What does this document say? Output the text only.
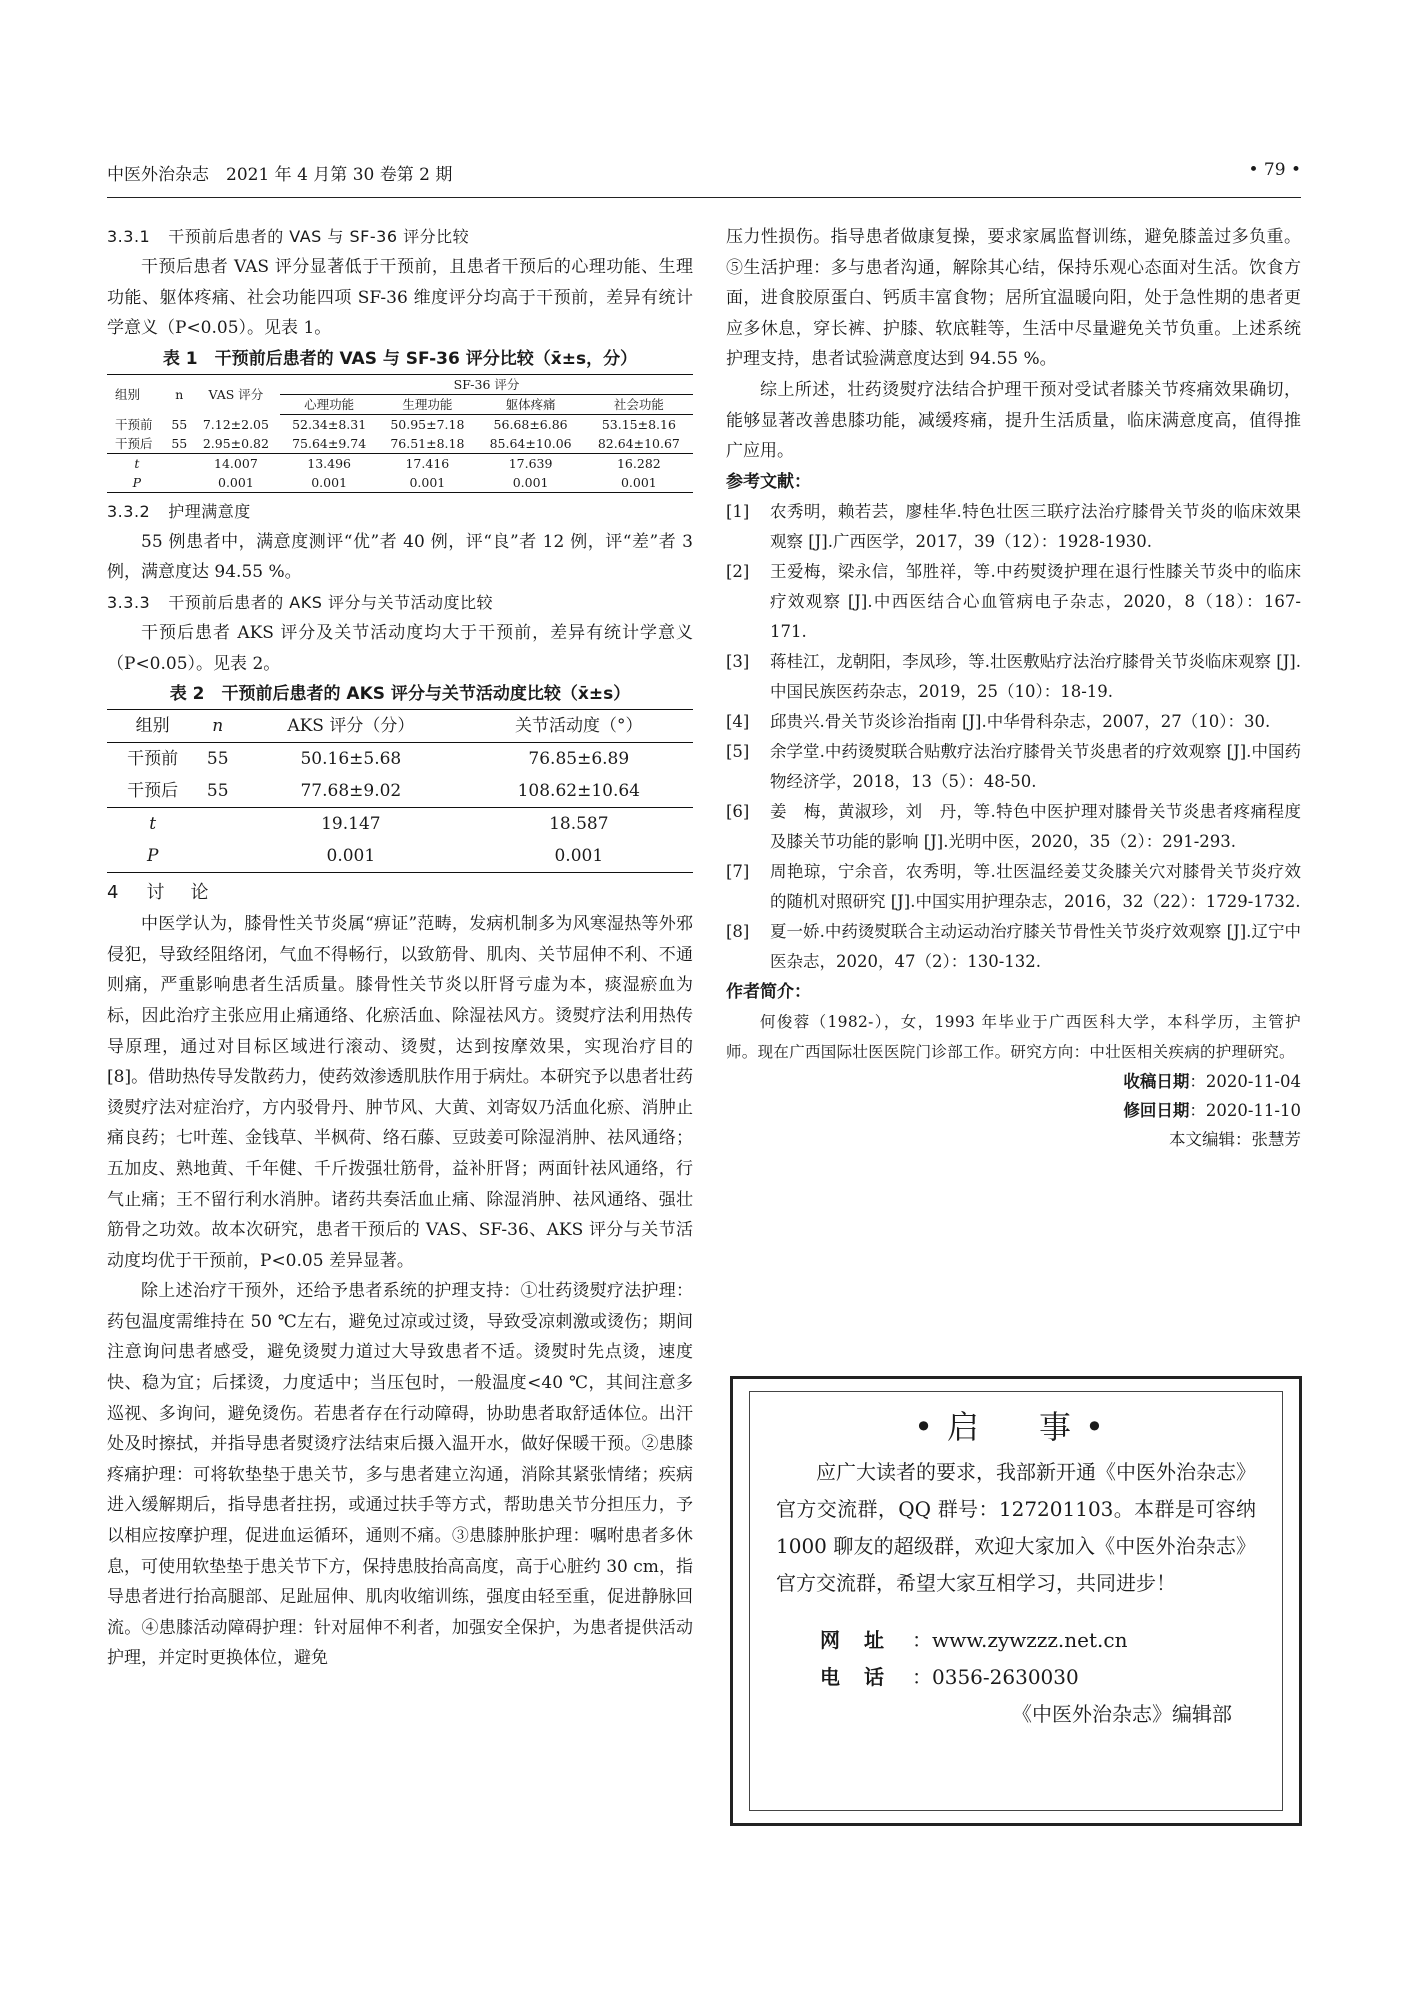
中医外治杂志　2021 年 4 月第 30 卷第 2 期	• 79 •
3.3.1 干预前后患者的 VAS 与 SF-36 评分比较

干预后患者 VAS 评分显著低于干预前，且患者干预后的心理功能、生理功能、躯体疼痛、社会功能四项 SF-36 维度评分均高于干预前，差异有统计学意义（P<0.05）。见表 1。

表 1　干预前后患者的 VAS 与 SF-36 评分比较（x̄±s，分）
组别	n	VAS 评分	SF-36 评分			
			心理功能	生理功能	躯体疼痛	社会功能
干预前	55	7.12±2.05	52.34±8.31	50.95±7.18	56.68±6.86	53.15±8.16
干预后	55	2.95±0.82	75.64±9.74	76.51±8.18	85.64±10.06	82.64±10.67
t		14.007	13.496	17.416	17.639	16.282
P		0.001	0.001	0.001	0.001	0.001
3.3.2 护理满意度

55 例患者中，满意度测评“优”者 40 例，评“良”者 12 例，评“差”者 3 例，满意度达 94.55 %。

3.3.3 干预前后患者的 AKS 评分与关节活动度比较

干预后患者 AKS 评分及关节活动度均大于干预前，差异有统计学意义（P<0.05）。见表 2。

表 2　干预前后患者的 AKS 评分与关节活动度比较（x̄±s）
组别	n	AKS 评分（分）	关节活动度（°）
干预前	55	50.16±5.68	76.85±6.89
干预后	55	77.68±9.02	108.62±10.64
t		19.147	18.587
P		0.001	0.001
4 讨　论

中医学认为，膝骨性关节炎属“痹证”范畴，发病机制多为风寒湿热等外邪侵犯，导致经阻络闭，气血不得畅行，以致筋骨、肌肉、关节屈伸不利、不通则痛，严重影响患者生活质量。膝骨性关节炎以肝肾亏虚为本，痰湿瘀血为标，因此治疗主张应用止痛通络、化瘀活血、除湿祛风方。烫熨疗法利用热传导原理，通过对目标区域进行滚动、烫熨，达到按摩效果，实现治疗目的 [8]。借助热传导发散药力，使药效渗透肌肤作用于病灶。本研究予以患者壮药烫熨疗法对症治疗，方内驳骨丹、肿节风、大黄、刘寄奴乃活血化瘀、消肿止痛良药；七叶莲、金钱草、半枫荷、络石藤、豆豉姜可除湿消肿、祛风通络；五加皮、熟地黄、千年健、千斤拨强壮筋骨，益补肝肾；两面针祛风通络，行气止痛；王不留行利水消肿。诸药共奏活血止痛、除湿消肿、祛风通络、强壮筋骨之功效。故本次研究，患者干预后的 VAS、SF-36、AKS 评分与关节活动度均优于干预前，P<0.05 差异显著。

除上述治疗干预外，还给予患者系统的护理支持：①壮药烫熨疗法护理：药包温度需维持在 50 ℃左右，避免过凉或过烫，导致受凉刺激或烫伤；期间注意询问患者感受，避免烫熨力道过大导致患者不适。烫熨时先点烫，速度快、稳为宜；后揉烫，力度适中；当压包时，一般温度<40 ℃，其间注意多巡视、多询问，避免烫伤。若患者存在行动障碍，协助患者取舒适体位。出汗处及时擦拭，并指导患者熨烫疗法结束后摄入温开水，做好保暖干预。②患膝疼痛护理：可将软垫垫于患关节，多与患者建立沟通，消除其紧张情绪；疾病进入缓解期后，指导患者拄拐，或通过扶手等方式，帮助患关节分担压力，予以相应按摩护理，促进血运循环，通则不痛。③患膝肿胀护理：嘱咐患者多休息，可使用软垫垫于患关节下方，保持患肢抬高高度，高于心脏约 30 cm，指导患者进行抬高腿部、足趾屈伸、肌肉收缩训练，强度由轻至重，促进静脉回流。④患膝活动障碍护理：针对屈伸不利者，加强安全保护，为患者提供活动护理，并定时更换体位，避免

压力性损伤。指导患者做康复操，要求家属监督训练，避免膝盖过多负重。⑤生活护理：多与患者沟通，解除其心结，保持乐观心态面对生活。饮食方面，进食胶原蛋白、钙质丰富食物；居所宜温暖向阳，处于急性期的患者更应多休息，穿长裤、护膝、软底鞋等，生活中尽量避免关节负重。上述系统护理支持，患者试验满意度达到 94.55 %。

综上所述，壮药烫熨疗法结合护理干预对受试者膝关节疼痛效果确切，能够显著改善患膝功能，减缓疼痛，提升生活质量，临床满意度高，值得推广应用。

参考文献：
[1]	农秀明，赖若芸，廖桂华.特色壮医三联疗法治疗膝骨关节炎的临床效果观察 [J].广西医学，2017，39（12）：1928-1930.
[2]	王爱梅，梁永信，邹胜祥，等.中药熨烫护理在退行性膝关节炎中的临床疗效观察 [J].中西医结合心血管病电子杂志，2020，8（18）：167-171.
[3]	蒋桂江，龙朝阳，李凤珍，等.壮医敷贴疗法治疗膝骨关节炎临床观察 [J].中国民族医药杂志，2019，25（10）：18-19.
[4]	邱贵兴.骨关节炎诊治指南 [J].中华骨科杂志，2007，27（10）：30.
[5]	余学堂.中药烫熨联合贴敷疗法治疗膝骨关节炎患者的疗效观察 [J].中国药物经济学，2018，13（5）：48-50.
[6]	姜　梅，黄淑珍，刘　丹，等.特色中医护理对膝骨关节炎患者疼痛程度及膝关节功能的影响 [J].光明中医，2020，35（2）：291-293.
[7]	周艳琼，宁余音，农秀明，等.壮医温经姜艾灸膝关穴对膝骨关节炎疗效的随机对照研究 [J].中国实用护理杂志，2016，32（22）：1729-1732.
[8]	夏一娇.中药烫熨联合主动运动治疗膝关节骨性关节炎疗效观察 [J].辽宁中医杂志，2020，47（2）：130-132.
作者简介：

何俊蓉（1982-），女，1993 年毕业于广西医科大学，本科学历，主管护师。现在广西国际壮医医院门诊部工作。研究方向：中壮医相关疾病的护理研究。

收稿日期：2020-11-04
修回日期：2020-11-10
本文编辑：张慧芳
•启　事•

应广大读者的要求，我部新开通《中医外治杂志》官方交流群，QQ 群号：127201103。本群是可容纳 1000 聊友的超级群，欢迎大家加入《中医外治杂志》官方交流群，希望大家互相学习，共同进步！

网址 ：www.zywzzz.net.cn
电话 ：0356-2630030
《中医外治杂志》编辑部
